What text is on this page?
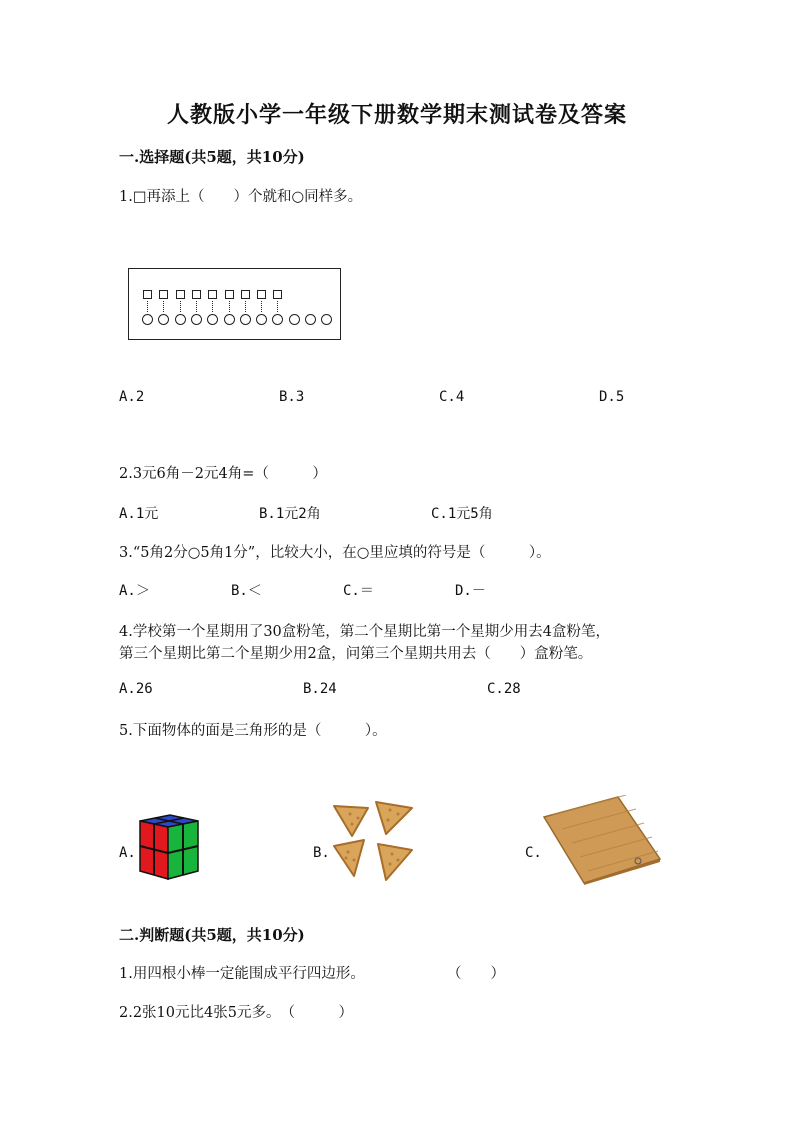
人教版小学一年级下册数学期末测试卷及答案
一.选择题(共5题，共10分)
1.□再添上（　　）个就和○同样多。
A.2	B.3	C.4	D.5
2.3元6角－2元4角=（　　　）
A.1元	B.1元2角	C.1元5角
3.“5角2分○5角1分”，比较大小，在○里应填的符号是（　　　）。
A.＞	B.＜	C.＝	D.－
4.学校第一个星期用了30盒粉笔，第二个星期比第一个星期少用去4盒粉笔，
第三个星期比第二个星期少用2盒，问第三个星期共用去（　　）盒粉笔。
A.26	B.24	C.28
5.下面物体的面是三角形的是（　　　）。
A.	B.	C.
二.判断题(共5题，共10分)
1.用四根小棒一定能围成平行四边形。	（　　）
2.2张10元比4张5元多。　（　　　）
